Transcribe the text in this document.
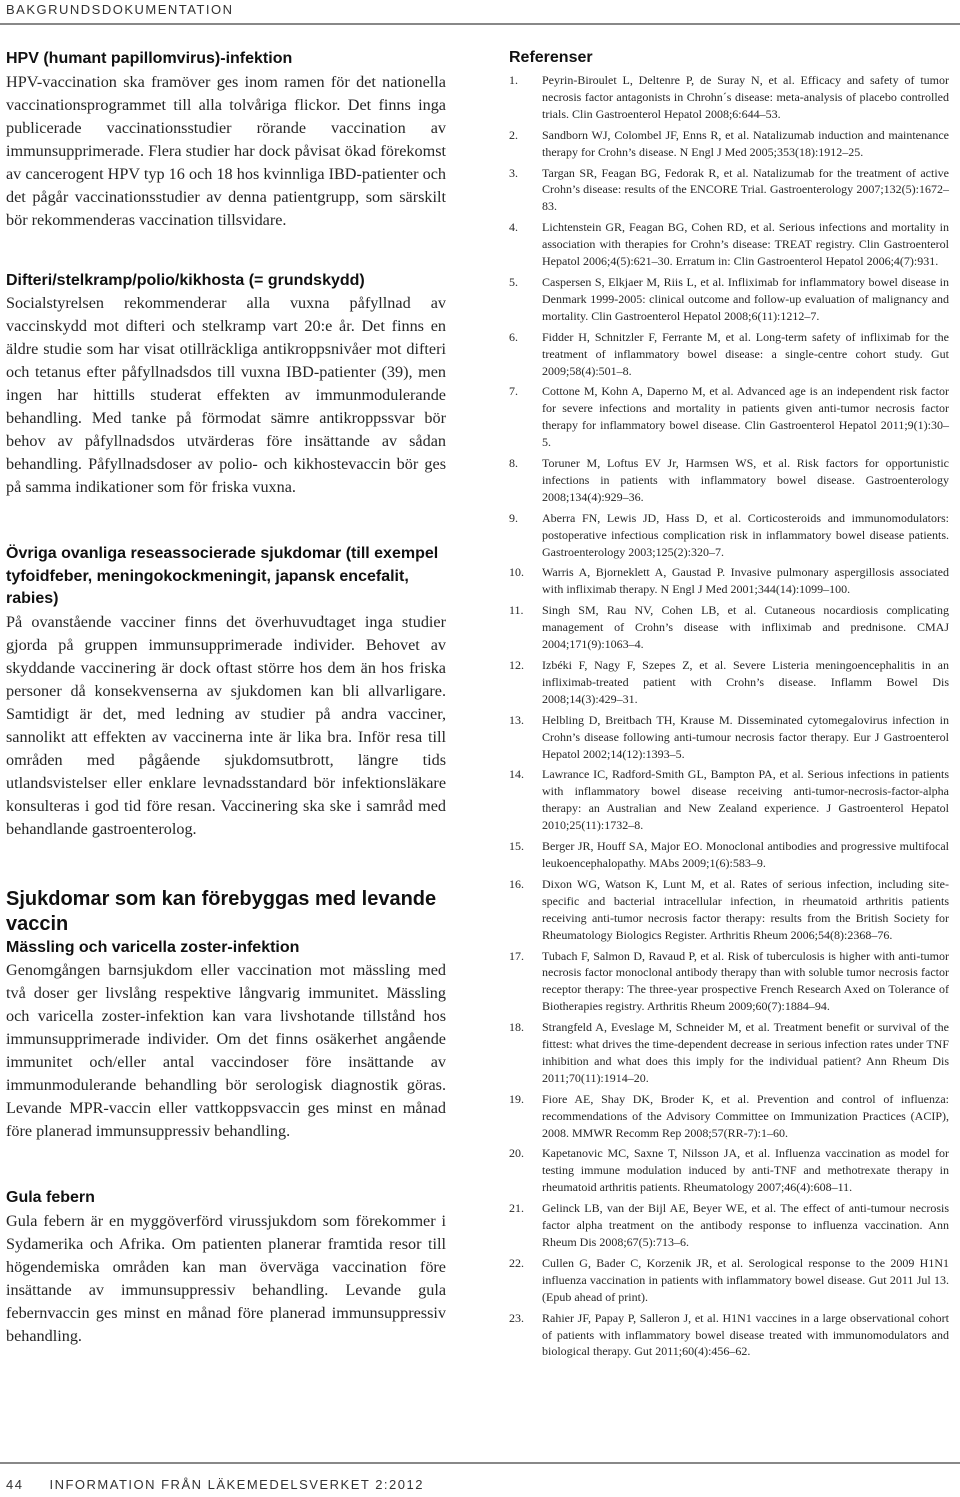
BAKGRUNDSDOKUMENTATION
HPV (humant papillomvirus)-infektion

HPV-vaccination ska framöver ges inom ramen för det nationella vaccinationsprogrammet till alla tolvåriga flickor. Det finns inga publicerade vaccinationsstudier rörande vaccination av immunsupprimerade. Flera studier har dock påvisat ökad förekomst av cancerogent HPV typ 16 och 18 hos kvinnliga IBD-patienter och det pågår vaccinationsstudier av denna patientgrupp, som särskilt bör rekommenderas vaccination tillsvidare.

Difteri/stelkramp/polio/kikhosta (= grundskydd)

Socialstyrelsen rekommenderar alla vuxna påfyllnad av vaccinskydd mot difteri och stelkramp vart 20:e år. Det finns en äldre studie som har visat otillräckliga antikroppsnivåer mot difteri och tetanus efter påfyllnadsdos till vuxna IBD-patienter (39), men ingen har hittills studerat effekten av immunmodulerande behandling. Med tanke på förmodat sämre antikroppssvar bör behov av påfyllnadsdos utvärderas före insättande av sådan behandling. Påfyllnadsdoser av polio- och kikhostevaccin bör ges på samma indikationer som för friska vuxna.

Övriga ovanliga reseassocierade sjukdomar (till exempel tyfoidfeber, meningokockmeningit, japansk encefalit, rabies)

På ovanstående vacciner finns det överhuvudtaget inga studier gjorda på gruppen immunsupprimerade individer. Behovet av skyddande vaccinering är dock oftast större hos dem än hos friska personer då konsekvenserna av sjukdomen kan bli allvarligare. Samtidigt är det, med ledning av studier på andra vacciner, sannolikt att effekten av vaccinerna inte är lika bra. Inför resa till områden med pågående sjukdomsutbrott, längre tids utlandsvistelser eller enklare levnadsstandard bör infektionsläkare konsulteras i god tid före resan. Vaccinering ska ske i samråd med behandlande gastroenterolog.

Sjukdomar som kan förebyggas med levande vaccin
Mässling och varicella zoster-infektion

Genomgången barnsjukdom eller vaccination mot mässling med två doser ger livslång respektive långvarig immunitet. Mässling och varicella zoster-infektion kan vara livshotande tillstånd hos immunsupprimerade individer. Om det finns osäkerhet angående immunitet och/eller antal vaccindoser före insättande av immunmodulerande behandling bör serologisk diagnostik göras. Levande MPR-vaccin eller vattkoppsvaccin ges minst en månad före planerad immunsuppressiv behandling.

Gula febern

Gula febern är en myggöverförd virussjukdom som förekommer i Sydamerika och Afrika. Om patienten planerar framtida resor till högendemiska områden kan man överväga vaccination före insättande av immunsuppressiv behandling. Levande gula febernvaccin ges minst en månad före planerad immunsuppressiv behandling.

Referenser
1. Peyrin-Biroulet L, Deltenre P, de Suray N, et al. Efficacy and safety of tumor necrosis factor antagonists in Chrohn´s disease: meta-analysis of placebo controlled trials. Clin Gastroenterol Hepatol 2008;6:644–53.
2. Sandborn WJ, Colombel JF, Enns R, et al. Natalizumab induction and maintenance therapy for Crohn’s disease. N Engl J Med 2005;353(18):1912–25.
3. Targan SR, Feagan BG, Fedorak R, et al. Natalizumab for the treatment of active Crohn’s disease: results of the ENCORE Trial. Gastroenterology 2007;132(5):1672–83.
4. Lichtenstein GR, Feagan BG, Cohen RD, et al. Serious infections and mortality in association with therapies for Crohn’s disease: TREAT registry. Clin Gastroenterol Hepatol 2006;4(5):621–30. Erratum in: Clin Gastroenterol Hepatol 2006;4(7):931.
5. Caspersen S, Elkjaer M, Riis L, et al. Infliximab for inflammatory bowel disease in Denmark 1999-2005: clinical outcome and follow-up evaluation of malignancy and mortality. Clin Gastroenterol Hepatol 2008;6(11):1212–7.
6. Fidder H, Schnitzler F, Ferrante M, et al. Long-term safety of infliximab for the treatment of inflammatory bowel disease: a single-centre cohort study. Gut 2009;58(4):501–8.
7. Cottone M, Kohn A, Daperno M, et al. Advanced age is an independent risk factor for severe infections and mortality in patients given anti-tumor necrosis factor therapy for inflammatory bowel disease. Clin Gastroenterol Hepatol 2011;9(1):30–5.
8. Toruner M, Loftus EV Jr, Harmsen WS, et al. Risk factors for opportunistic infections in patients with inflammatory bowel disease. Gastroenterology 2008;134(4):929–36.
9. Aberra FN, Lewis JD, Hass D, et al. Corticosteroids and immunomodulators: postoperative infectious complication risk in inflammatory bowel disease patients. Gastroenterology 2003;125(2):320–7.
10. Warris A, Bjorneklett A, Gaustad P. Invasive pulmonary aspergillosis associated with infliximab therapy. N Engl J Med 2001;344(14):1099–100.
11. Singh SM, Rau NV, Cohen LB, et al. Cutaneous nocardiosis complicating management of Crohn’s disease with infliximab and prednisone. CMAJ 2004;171(9):1063–4.
12. Izbéki F, Nagy F, Szepes Z, et al. Severe Listeria meningoencephalitis in an infliximab-treated patient with Crohn’s disease. Inflamm Bowel Dis 2008;14(3):429–31.
13. Helbling D, Breitbach TH, Krause M. Disseminated cytomegalovirus infection in Crohn’s disease following anti-tumour necrosis factor therapy. Eur J Gastroenterol Hepatol 2002;14(12):1393–5.
14. Lawrance IC, Radford-Smith GL, Bampton PA, et al. Serious infections in patients with inflammatory bowel disease receiving anti-tumor-necrosis-factor-alpha therapy: an Australian and New Zealand experience. J Gastroenterol Hepatol 2010;25(11):1732–8.
15. Berger JR, Houff SA, Major EO. Monoclonal antibodies and progressive multifocal leukoencephalopathy. MAbs 2009;1(6):583–9.
16. Dixon WG, Watson K, Lunt M, et al. Rates of serious infection, including site-specific and bacterial intracellular infection, in rheumatoid arthritis patients receiving anti-tumor necrosis factor therapy: results from the British Society for Rheumatology Biologics Register. Arthritis Rheum 2006;54(8):2368–76.
17. Tubach F, Salmon D, Ravaud P, et al. Risk of tuberculosis is higher with anti-tumor necrosis factor monoclonal antibody therapy than with soluble tumor necrosis factor receptor therapy: The three-year prospective French Research Axed on Tolerance of Biotherapies registry. Arthritis Rheum 2009;60(7):1884–94.
18. Strangfeld A, Eveslage M, Schneider M, et al. Treatment benefit or survival of the fittest: what drives the time-dependent decrease in serious infection rates under TNF inhibition and what does this imply for the individual patient? Ann Rheum Dis 2011;70(11):1914–20.
19. Fiore AE, Shay DK, Broder K, et al. Prevention and control of influenza: recommendations of the Advisory Committee on Immunization Practices (ACIP), 2008. MMWR Recomm Rep 2008;57(RR-7):1–60.
20. Kapetanovic MC, Saxne T, Nilsson JA, et al. Influenza vaccination as model for testing immune modulation induced by anti-TNF and methotrexate therapy in rheumatoid arthritis patients. Rheumatology 2007;46(4):608–11.
21. Gelinck LB, van der Bijl AE, Beyer WE, et al. The effect of anti-tumour necrosis factor alpha treatment on the antibody response to influenza vaccination. Ann Rheum Dis 2008;67(5):713–6.
22. Cullen G, Bader C, Korzenik JR, et al. Serological response to the 2009 H1N1 influenza vaccination in patients with inflammatory bowel disease. Gut 2011 Jul 13. (Epub ahead of print).
23. Rahier JF, Papay P, Salleron J, et al. H1N1 vaccines in a large observational cohort of patients with inflammatory bowel disease treated with immunomodulators and biological therapy. Gut 2011;60(4):456–62.
44 INFORMATION FRÅN LÄKEMEDELSVERKET 2:2012
